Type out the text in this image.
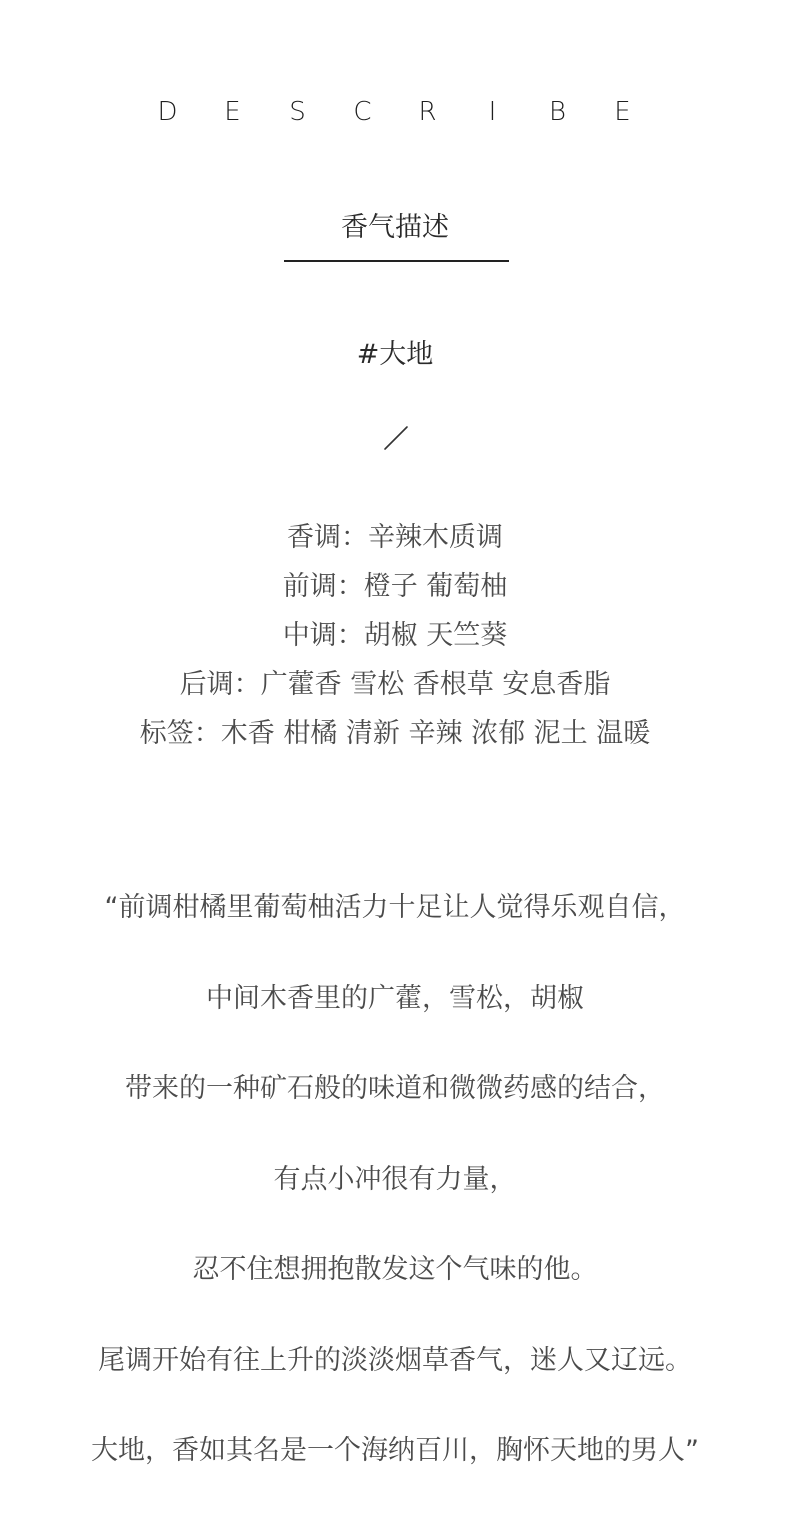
D E S C R I B E
香气描述
#大地
香调：辛辣木质调
前调：橙子 葡萄柚
中调：胡椒 天竺葵
后调：广藿香 雪松 香根草 安息香脂
标签：木香 柑橘 清新 辛辣 浓郁 泥土 温暖
“前调柑橘里葡萄柚活力十足让人觉得乐观自信，
中间木香里的广藿，雪松，胡椒
带来的一种矿石般的味道和微微药感的结合，
有点小冲很有力量，
忍不住想拥抱散发这个气味的他。
尾调开始有往上升的淡淡烟草香气，迷人又辽远。
大地，香如其名是一个海纳百川，胸怀天地的男人”
